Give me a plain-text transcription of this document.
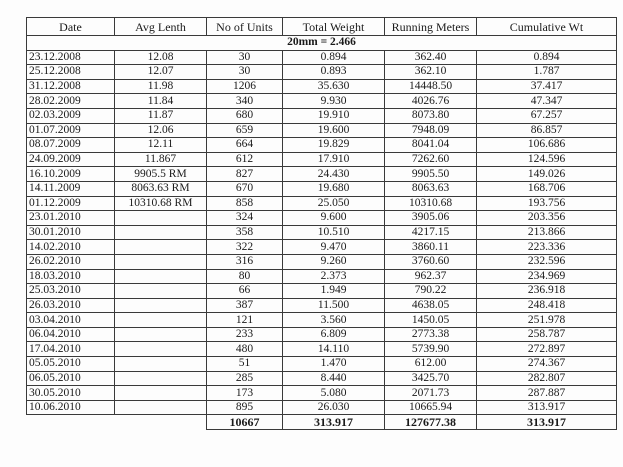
Date	Avg Lenth	No of Units	Total Weight	Running Meters	Cumulative Wt
20mm = 2.466					
23.12.2008	12.08	30	0.894	362.40	0.894
25.12.2008	12.07	30	0.893	362.10	1.787
31.12.2008	11.98	1206	35.630	14448.50	37.417
28.02.2009	11.84	340	9.930	4026.76	47.347
02.03.2009	11.87	680	19.910	8073.80	67.257
01.07.2009	12.06	659	19.600	7948.09	86.857
08.07.2009	12.11	664	19.829	8041.04	106.686
24.09.2009	11.867	612	17.910	7262.60	124.596
16.10.2009	9905.5 RM	827	24.430	9905.50	149.026
14.11.2009	8063.63 RM	670	19.680	8063.63	168.706
01.12.2009	10310.68 RM	858	25.050	10310.68	193.756
23.01.2010		324	9.600	3905.06	203.356
30.01.2010		358	10.510	4217.15	213.866
14.02.2010		322	9.470	3860.11	223.336
26.02.2010		316	9.260	3760.60	232.596
18.03.2010		80	2.373	962.37	234.969
25.03.2010		66	1.949	790.22	236.918
26.03.2010		387	11.500	4638.05	248.418
03.04.2010		121	3.560	1450.05	251.978
06.04.2010		233	6.809	2773.38	258.787
17.04.2010		480	14.110	5739.90	272.897
05.05.2010		51	1.470	612.00	274.367
06.05.2010		285	8.440	3425.70	282.807
30.05.2010		173	5.080	2071.73	287.887
10.06.2010		895	26.030	10665.94	313.917
		10667	313.917	127677.38	313.917
